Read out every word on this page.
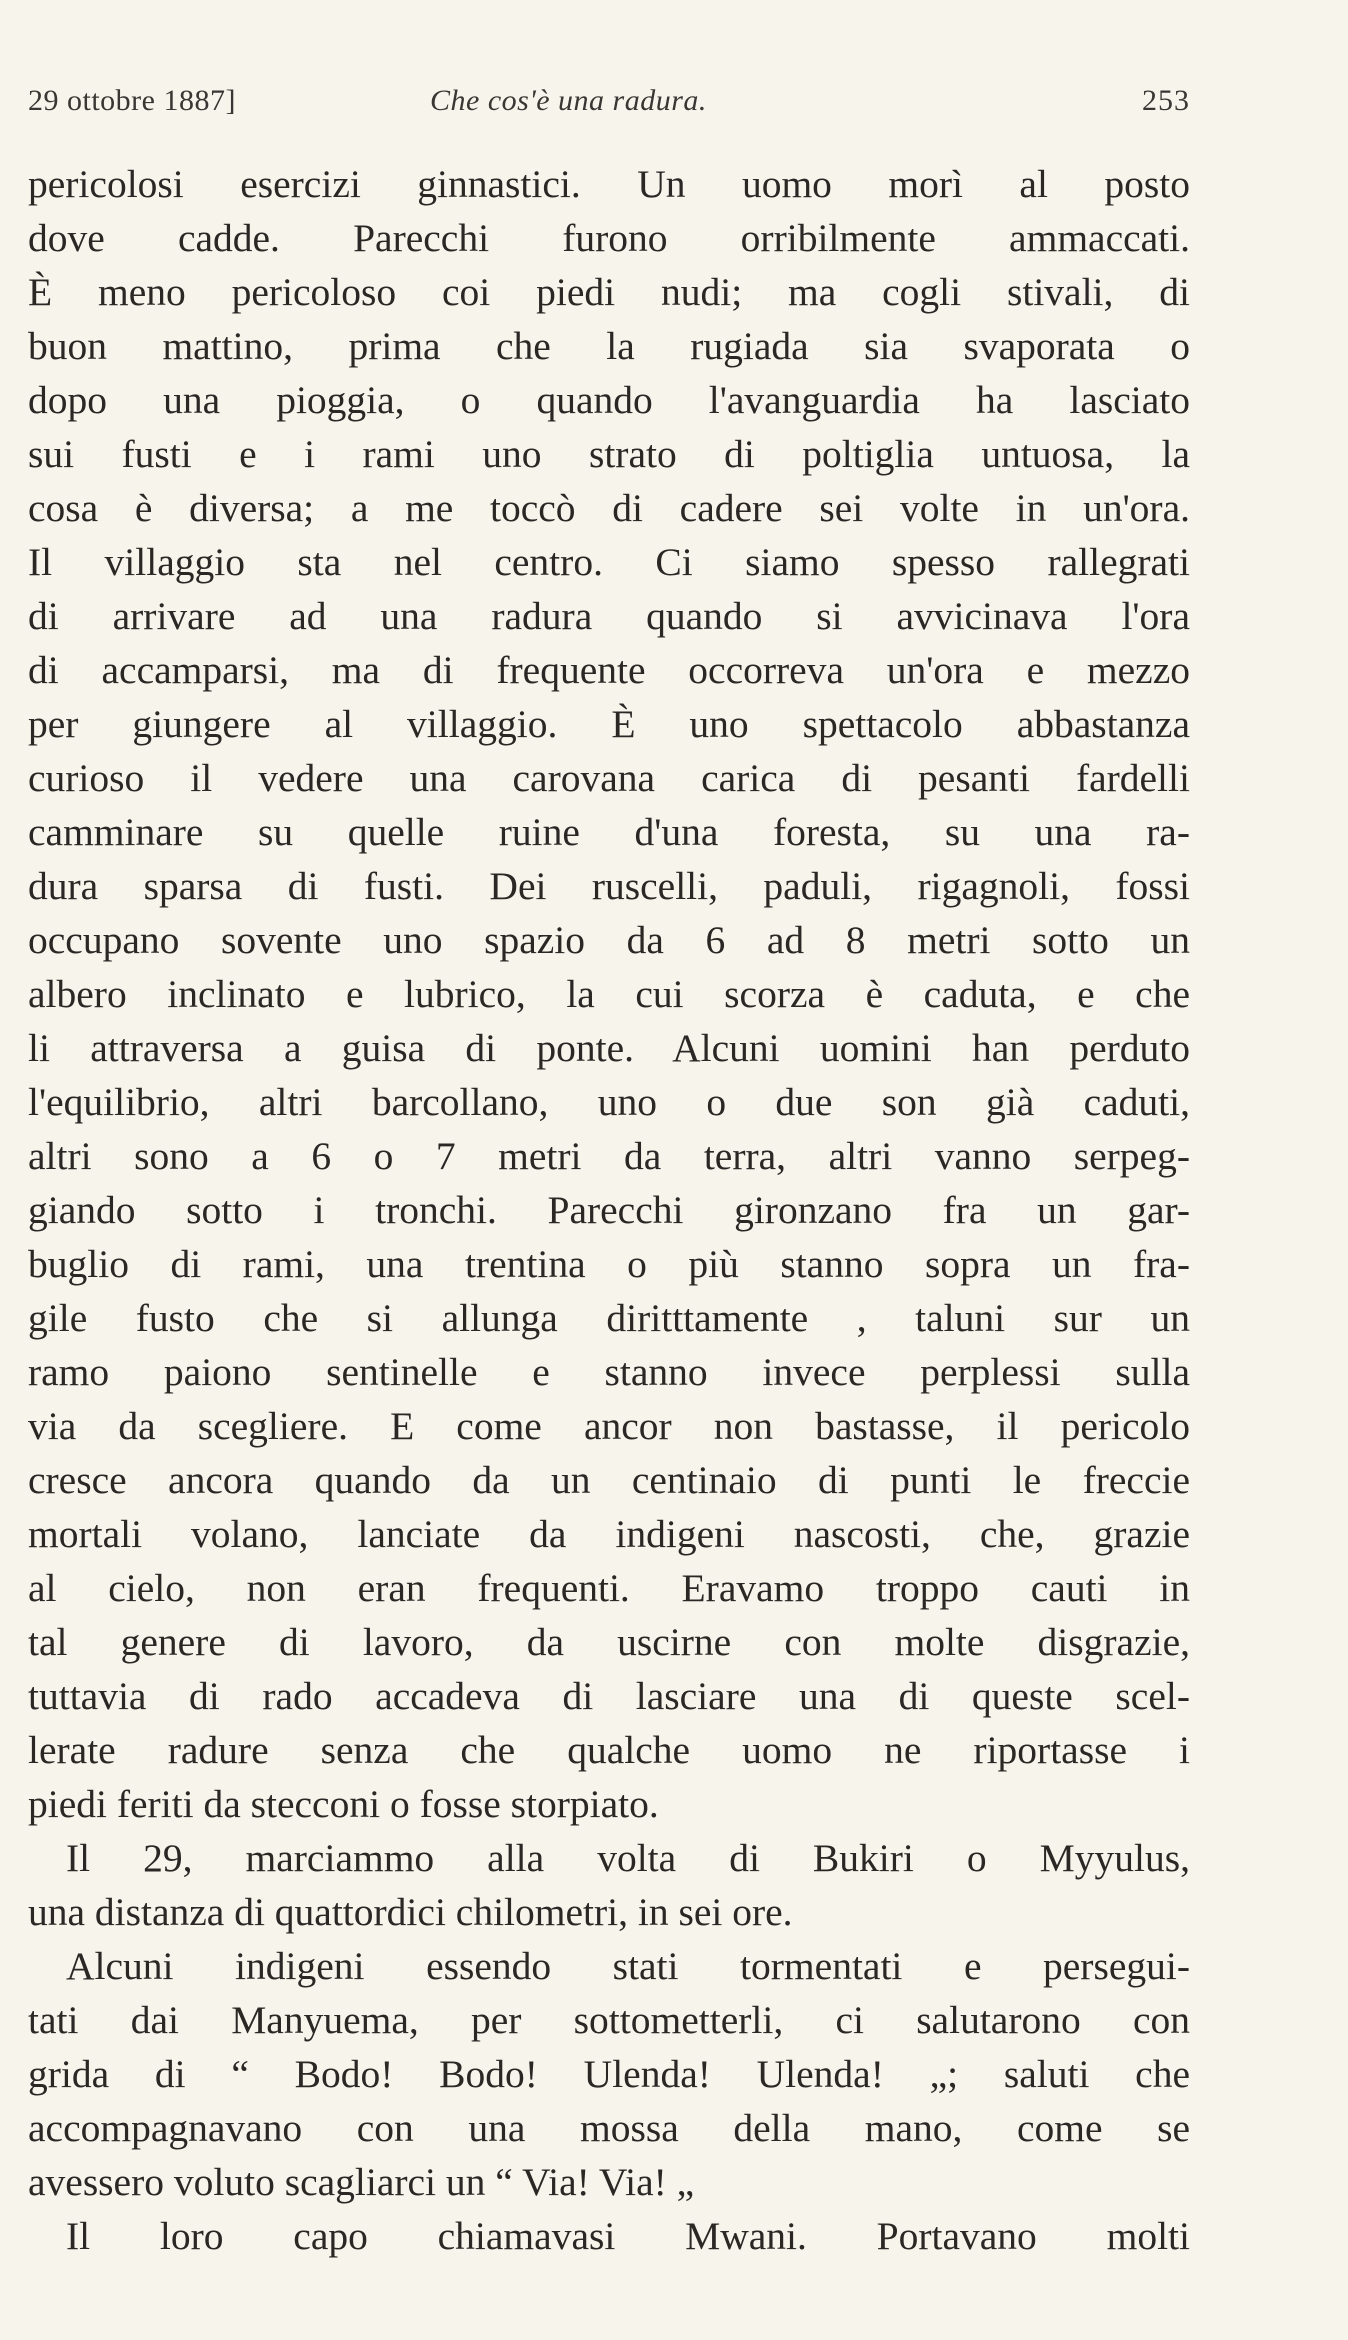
29 ottobre 1887]	Che cos'è una radura.	253
pericolosi esercizi ginnastici. Un uomo morì al posto
dove cadde. Parecchi furono orribilmente ammaccati.
È meno pericoloso coi piedi nudi; ma cogli stivali, di
buon mattino, prima che la rugiada sia svaporata o
dopo una pioggia, o quando l'avanguardia ha lasciato
sui fusti e i rami uno strato di poltiglia untuosa, la
cosa è diversa; a me toccò di cadere sei volte in un'ora.
Il villaggio sta nel centro. Ci siamo spesso rallegrati
di arrivare ad una radura quando si avvicinava l'ora
di accamparsi, ma di frequente occorreva un'ora e mezzo
per giungere al villaggio. È uno spettacolo abbastanza
curioso il vedere una carovana carica di pesanti fardelli
camminare su quelle ruine d'una foresta, su una ra-
dura sparsa di fusti. Dei ruscelli, paduli, rigagnoli, fossi
occupano sovente uno spazio da 6 ad 8 metri sotto un
albero inclinato e lubrico, la cui scorza è caduta, e che
li attraversa a guisa di ponte. Alcuni uomini han perduto
l'equilibrio, altri barcollano, uno o due son già caduti,
altri sono a 6 o 7 metri da terra, altri vanno serpeg-
giando sotto i tronchi. Parecchi gironzano fra un gar-
buglio di rami, una trentina o più stanno sopra un fra-
gile fusto che si allunga diritttamente , taluni sur un
ramo paiono sentinelle e stanno invece perplessi sulla
via da scegliere. E come ancor non bastasse, il pericolo
cresce ancora quando da un centinaio di punti le freccie
mortali volano, lanciate da indigeni nascosti, che, grazie
al cielo, non eran frequenti. Eravamo troppo cauti in
tal genere di lavoro, da uscirne con molte disgrazie,
tuttavia di rado accadeva di lasciare una di queste scel-
lerate radure senza che qualche uomo ne riportasse i
piedi feriti da stecconi o fosse storpiato.
Il 29, marciammo alla volta di Bukiri o Myyulus,
una distanza di quattordici chilometri, in sei ore.
Alcuni indigeni essendo stati tormentati e persegui-
tati dai Manyuema, per sottometterli, ci salutarono con
grida di “ Bodo! Bodo! Ulenda! Ulenda! „; saluti che
accompagnavano con una mossa della mano, come se
avessero voluto scagliarci un “ Via! Via! „
Il loro capo chiamavasi Mwani. Portavano molti
